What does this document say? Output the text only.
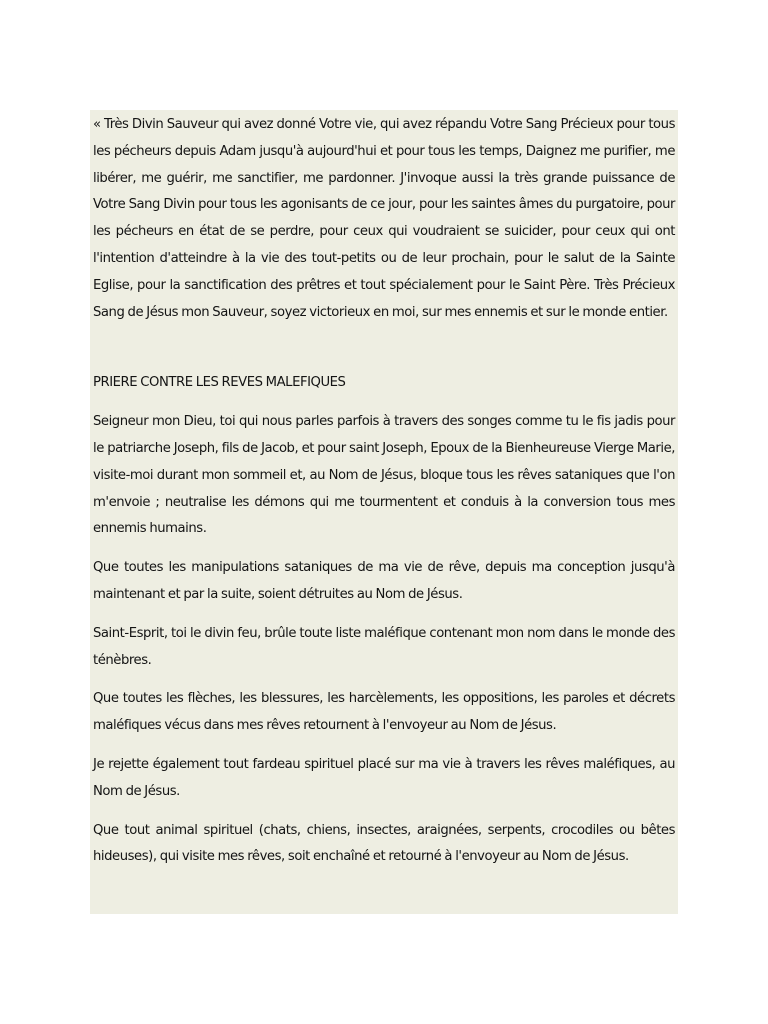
« Très Divin Sauveur qui avez donné Votre vie, qui avez répandu Votre Sang Précieux pour tous les pécheurs depuis Adam jusqu'à aujourd'hui et pour tous les temps, Daignez me purifier, me libérer, me guérir, me sanctifier, me pardonner. J'invoque aussi la très grande puissance de Votre Sang Divin pour tous les agonisants de ce jour, pour les saintes âmes du purgatoire, pour les pécheurs en état de se perdre, pour ceux qui voudraient se suicider, pour ceux qui ont l'intention d'atteindre à la vie des tout-petits ou de leur prochain, pour le salut de la Sainte Eglise, pour la sanctification des prêtres et tout spécialement pour le Saint Père. Très Précieux Sang de Jésus mon Sauveur, soyez victorieux en moi, sur mes ennemis et sur le monde entier.

PRIERE CONTRE LES REVES MALEFIQUES

Seigneur mon Dieu, toi qui nous parles parfois à travers des songes comme tu le fis jadis pour le patriarche Joseph, fils de Jacob, et pour saint Joseph, Epoux de la Bienheureuse Vierge Marie, visite-moi durant mon sommeil et, au Nom de Jésus, bloque tous les rêves sataniques que l'on m'envoie ; neutralise les démons qui me tourmentent et conduis à la conversion tous mes ennemis humains.

Que toutes les manipulations sataniques de ma vie de rêve, depuis ma conception jusqu'à maintenant et par la suite, soient détruites au Nom de Jésus.

Saint-Esprit, toi le divin feu, brûle toute liste maléfique contenant mon nom dans le monde des ténèbres.

Que toutes les flèches, les blessures, les harcèlements, les oppositions, les paroles et décrets maléfiques vécus dans mes rêves retournent à l'envoyeur au Nom de Jésus.

Je rejette également tout fardeau spirituel placé sur ma vie à travers les rêves maléfiques, au Nom de Jésus.

Que tout animal spirituel (chats, chiens, insectes, araignées, serpents, crocodiles ou bêtes hideuses), qui visite mes rêves, soit enchaîné et retourné à l'envoyeur au Nom de Jésus.
